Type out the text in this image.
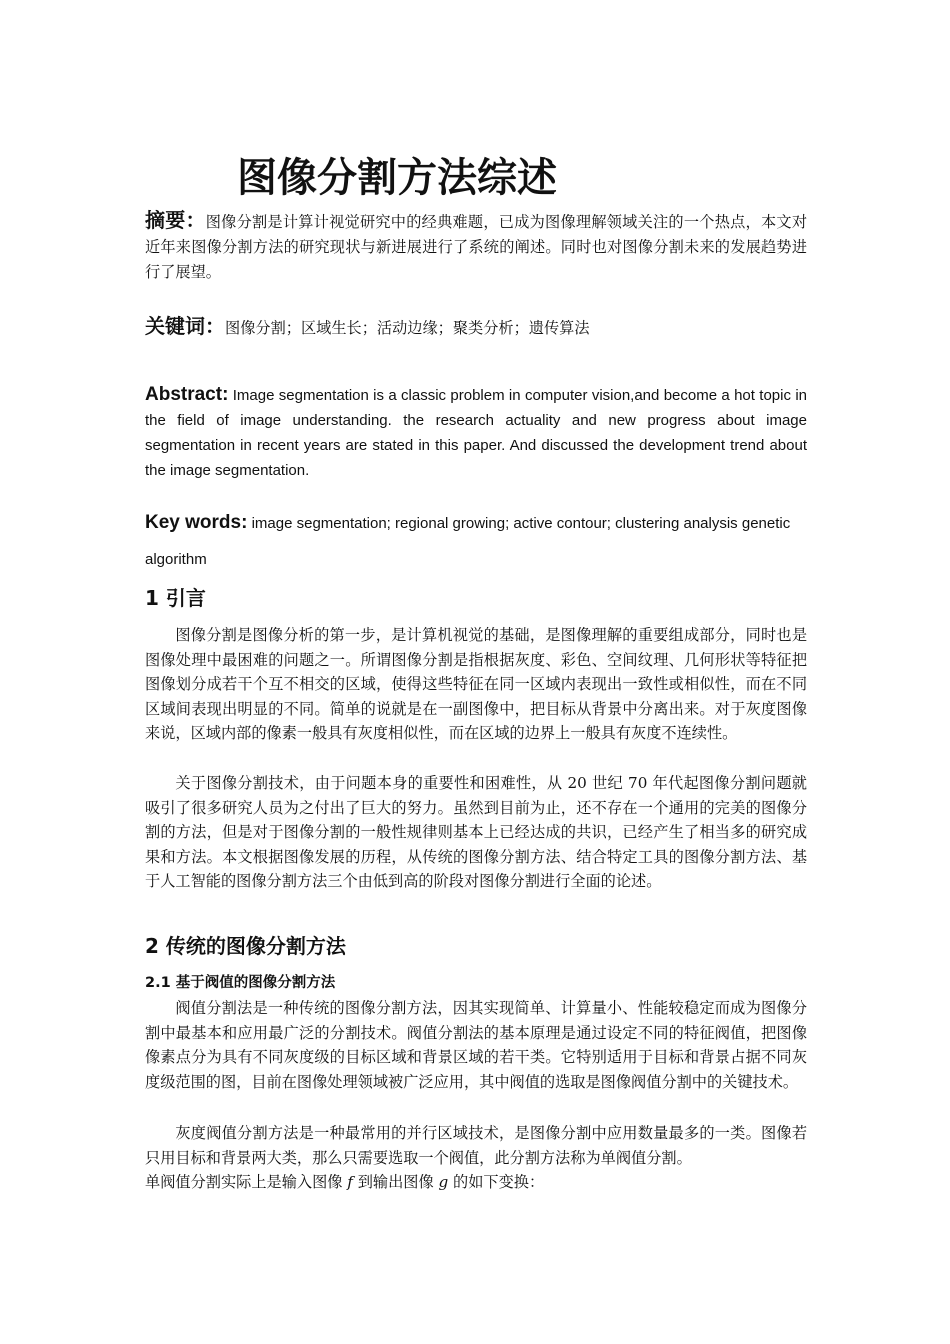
图像分割方法综述

摘要：图像分割是计算计视觉研究中的经典难题，已成为图像理解领域关注的一个热点，本文对近年来图像分割方法的研究现状与新进展进行了系统的阐述。同时也对图像分割未来的发展趋势进行了展望。

关键词：图像分割；区域生长；活动边缘；聚类分析；遗传算法

Abstract: Image segmentation is a classic problem in computer vision,and become a hot topic in the field of image understanding. the research actuality and new progress about image segmentation in recent years are stated in this paper. And discussed the development trend about the image segmentation.

Key words: image segmentation; regional growing; active contour; clustering analysis genetic algorithm

1 引言

图像分割是图像分析的第一步，是计算机视觉的基础，是图像理解的重要组成部分，同时也是图像处理中最困难的问题之一。所谓图像分割是指根据灰度、彩色、空间纹理、几何形状等特征把图像划分成若干个互不相交的区域，使得这些特征在同一区域内表现出一致性或相似性，而在不同区域间表现出明显的不同。简单的说就是在一副图像中，把目标从背景中分离出来。对于灰度图像来说，区域内部的像素一般具有灰度相似性，而在区域的边界上一般具有灰度不连续性。

关于图像分割技术，由于问题本身的重要性和困难性，从 20 世纪 70 年代起图像分割问题就吸引了很多研究人员为之付出了巨大的努力。虽然到目前为止，还不存在一个通用的完美的图像分割的方法，但是对于图像分割的一般性规律则基本上已经达成的共识，已经产生了相当多的研究成果和方法。本文根据图像发展的历程，从传统的图像分割方法、结合特定工具的图像分割方法、基于人工智能的图像分割方法三个由低到高的阶段对图像分割进行全面的论述。

2 传统的图像分割方法
2.1 基于阀值的图像分割方法

阀值分割法是一种传统的图像分割方法，因其实现简单、计算量小、性能较稳定而成为图像分割中最基本和应用最广泛的分割技术。阀值分割法的基本原理是通过设定不同的特征阀值，把图像像素点分为具有不同灰度级的目标区域和背景区域的若干类。它特别适用于目标和背景占据不同灰度级范围的图，目前在图像处理领域被广泛应用，其中阀值的选取是图像阀值分割中的关键技术。

灰度阀值分割方法是一种最常用的并行区域技术，是图像分割中应用数量最多的一类。图像若只用目标和背景两大类，那么只需要选取一个阀值，此分割方法称为单阀值分割。

单阀值分割实际上是输入图像 f 到输出图像 g 的如下变换：
